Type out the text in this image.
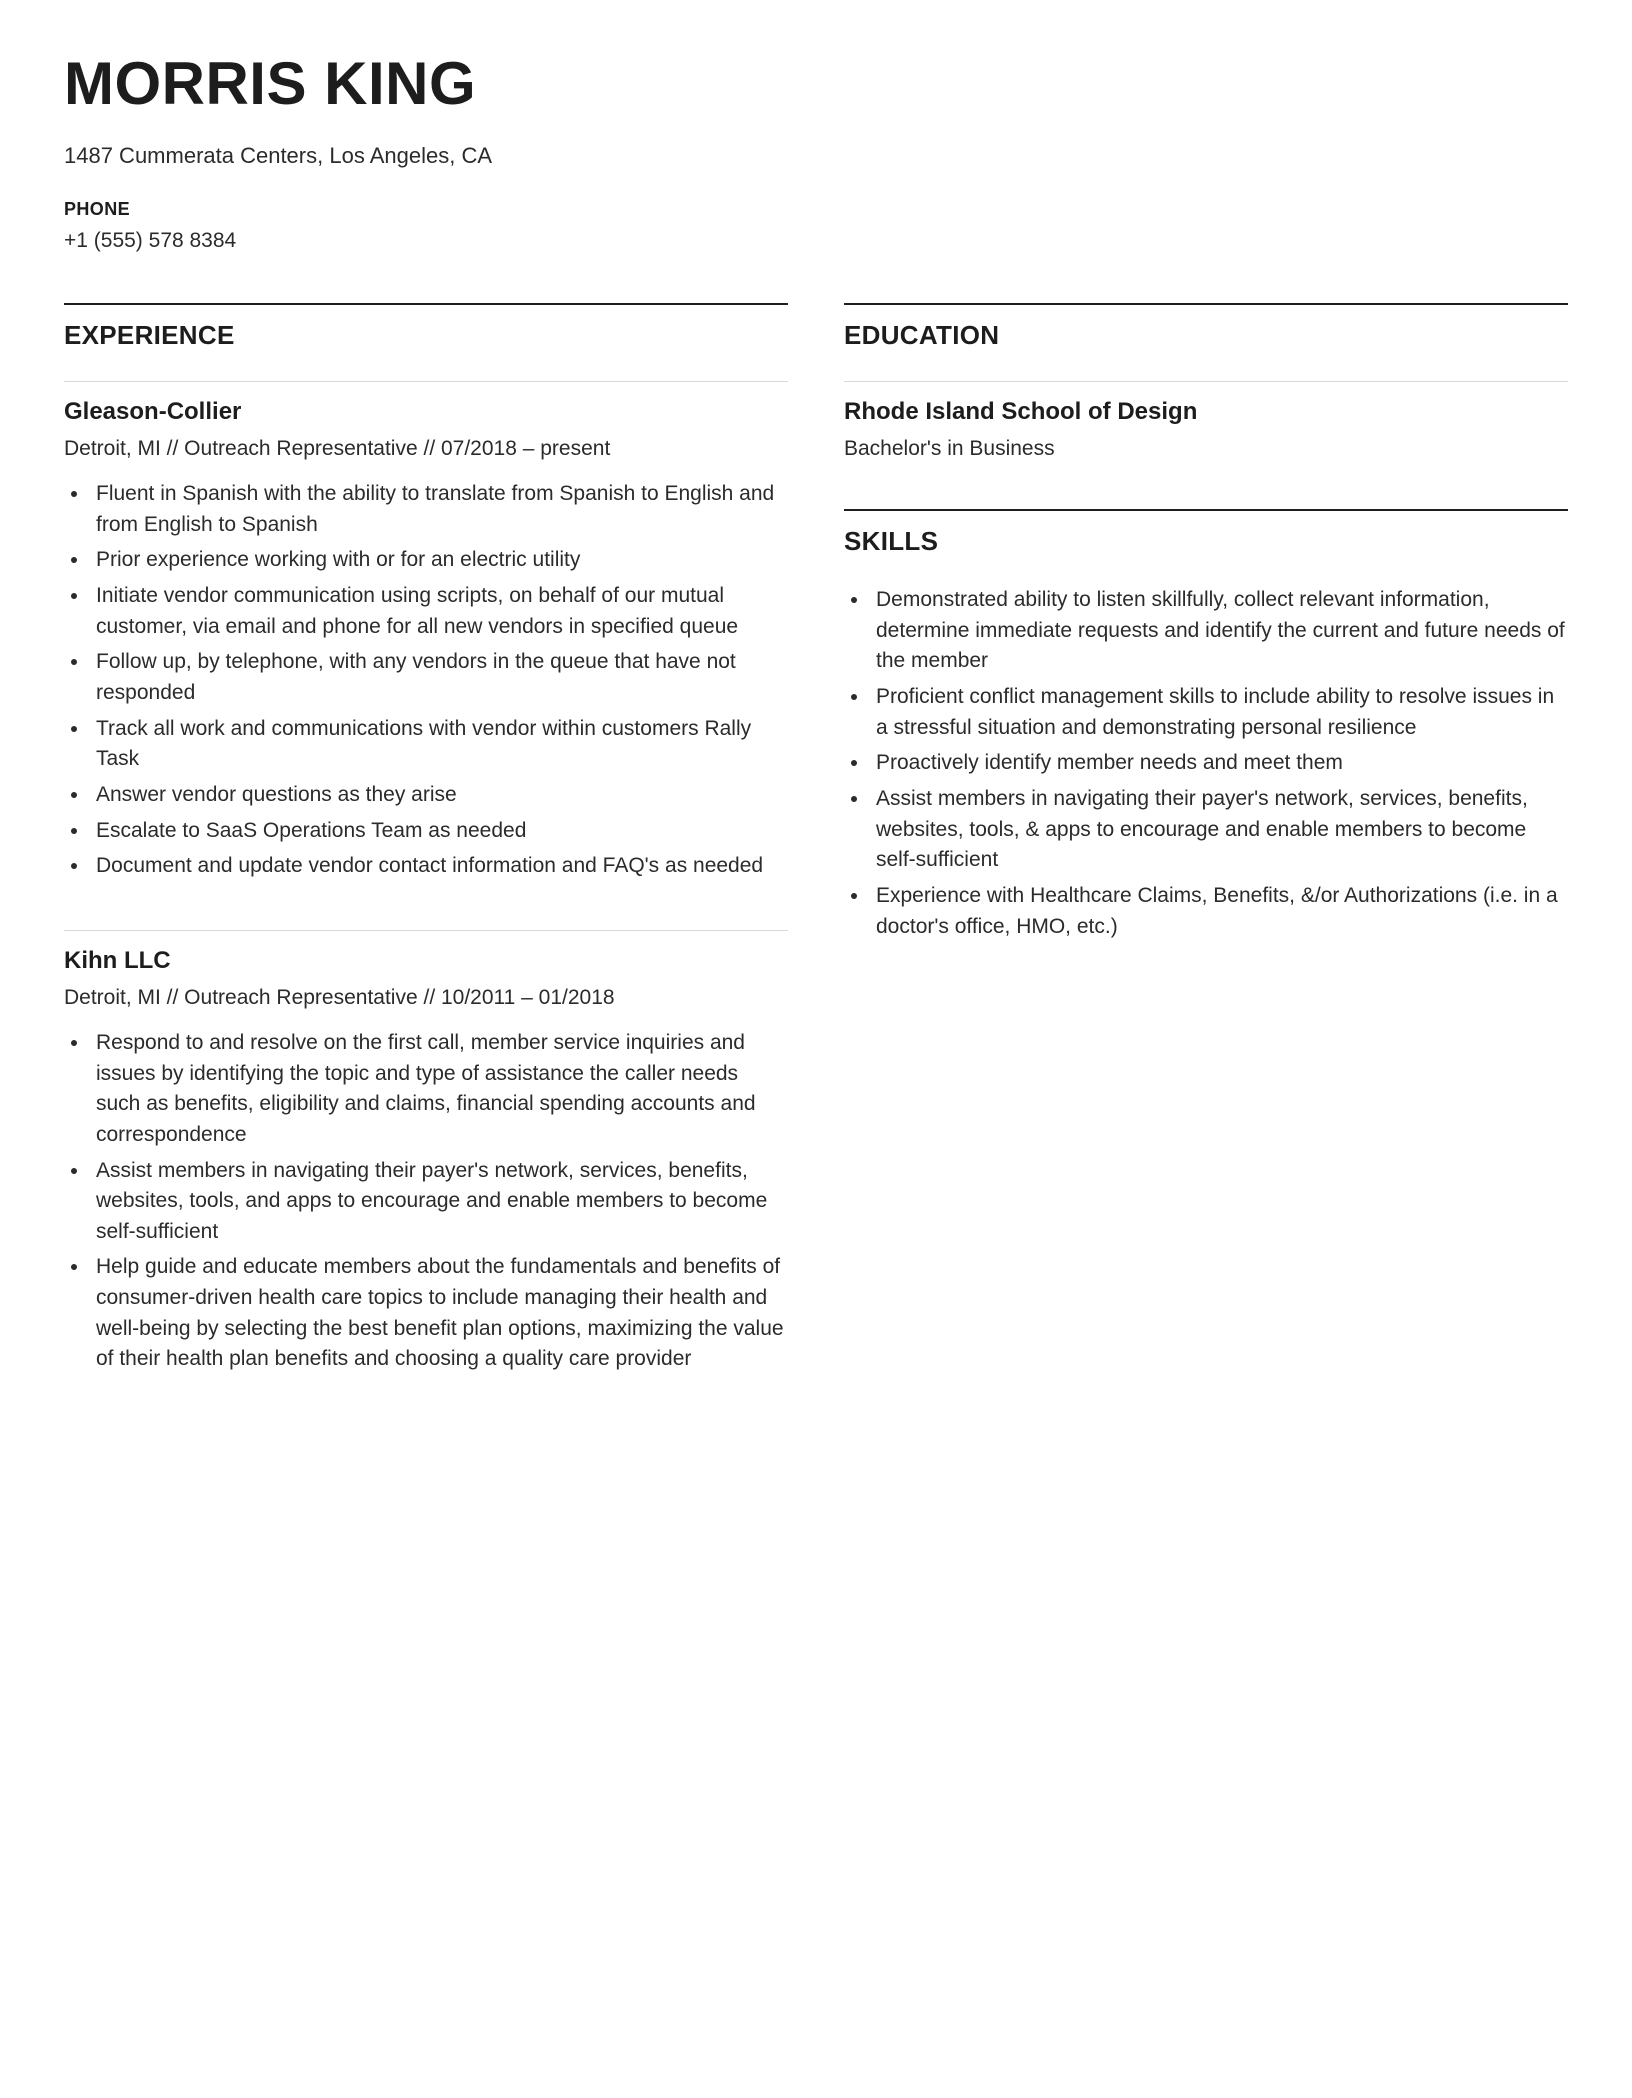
MORRIS KING

1487 Cummerata Centers, Los Angeles, CA

PHONE

+1 (555) 578 8384

EXPERIENCE
Gleason-Collier

Detroit, MI // Outreach Representative // 07/2018 – present

• Fluent in Spanish with the ability to translate from Spanish to English and from English to Spanish
• Prior experience working with or for an electric utility
• Initiate vendor communication using scripts, on behalf of our mutual customer, via email and phone for all new vendors in specified queue
• Follow up, by telephone, with any vendors in the queue that have not responded
• Track all work and communications with vendor within customers Rally Task
• Answer vendor questions as they arise
• Escalate to SaaS Operations Team as needed
• Document and update vendor contact information and FAQ's as needed
Kihn LLC

Detroit, MI // Outreach Representative // 10/2011 – 01/2018

• Respond to and resolve on the first call, member service inquiries and issues by identifying the topic and type of assistance the caller needs such as benefits, eligibility and claims, financial spending accounts and correspondence
• Assist members in navigating their payer's network, services, benefits, websites, tools, and apps to encourage and enable members to become self-sufficient
• Help guide and educate members about the fundamentals and benefits of consumer-driven health care topics to include managing their health and well-being by selecting the best benefit plan options, maximizing the value of their health plan benefits and choosing a quality care provider
EDUCATION
Rhode Island School of Design

Bachelor's in Business

SKILLS
• Demonstrated ability to listen skillfully, collect relevant information, determine immediate requests and identify the current and future needs of the member
• Proficient conflict management skills to include ability to resolve issues in a stressful situation and demonstrating personal resilience
• Proactively identify member needs and meet them
• Assist members in navigating their payer's network, services, benefits, websites, tools, & apps to encourage and enable members to become self-sufficient
• Experience with Healthcare Claims, Benefits, &/or Authorizations (i.e. in a doctor's office, HMO, etc.)
